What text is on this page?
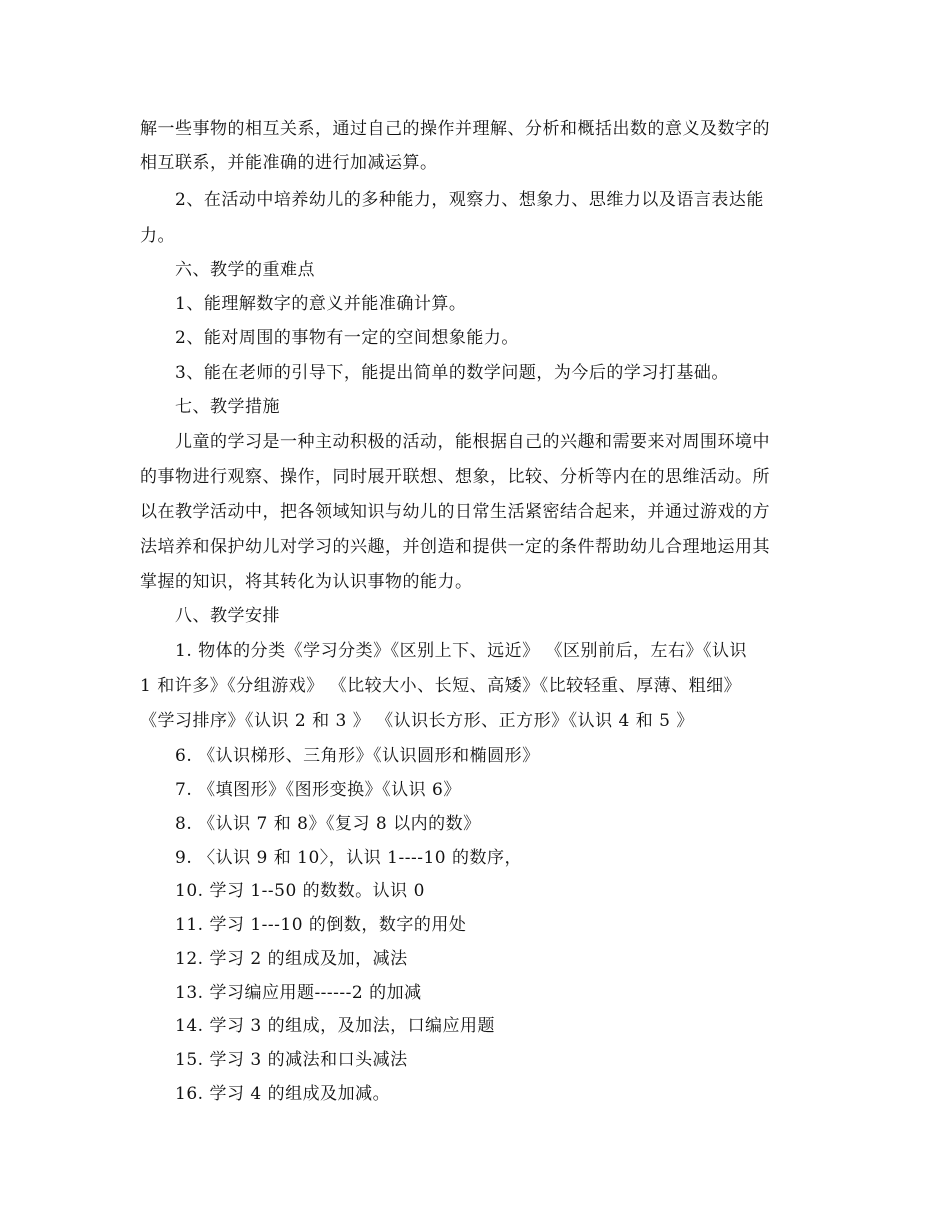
解一些事物的相互关系，通过自己的操作并理解、分析和概括出数的意义及数字的
相互联系，并能准确的进行加减运算。
2、在活动中培养幼儿的多种能力，观察力、想象力、思维力以及语言表达能
力。
六、教学的重难点
1、能理解数字的意义并能准确计算。
2、能对周围的事物有一定的空间想象能力。
3、能在老师的引导下，能提出简单的数学问题，为今后的学习打基础。
七、教学措施
儿童的学习是一种主动积极的活动，能根据自己的兴趣和需要来对周围环境中
的事物进行观察、操作，同时展开联想、想象，比较、分析等内在的思维活动。所
以在教学活动中，把各领域知识与幼儿的日常生活紧密结合起来，并通过游戏的方
法培养和保护幼儿对学习的兴趣，并创造和提供一定的条件帮助幼儿合理地运用其
掌握的知识，将其转化为认识事物的能力。
八、教学安排
1. 物体的分类《学习分类》《区别上下、远近》 《区别前后，左右》《认识
1 和许多》《分组游戏》 《比较大小、长短、高矮》《比较轻重、厚薄、粗细》
《学习排序》《认识 2 和 3 》 《认识长方形、正方形》《认识 4 和 5 》
6. 《认识梯形、三角形》《认识圆形和椭圆形》
7. 《填图形》《图形变换》《认识 6》
8. 《认识 7 和 8》《复习 8 以内的数》
9. 〈认识 9 和 10〉，认识 1----10 的数序，
10. 学习 1--50 的数数。认识 0
11. 学习 1---10 的倒数，数字的用处
12. 学习 2 的组成及加，减法
13. 学习编应用题------2 的加减
14. 学习 3 的组成，及加法，口编应用题
15. 学习 3 的减法和口头减法
16. 学习 4 的组成及加减。
